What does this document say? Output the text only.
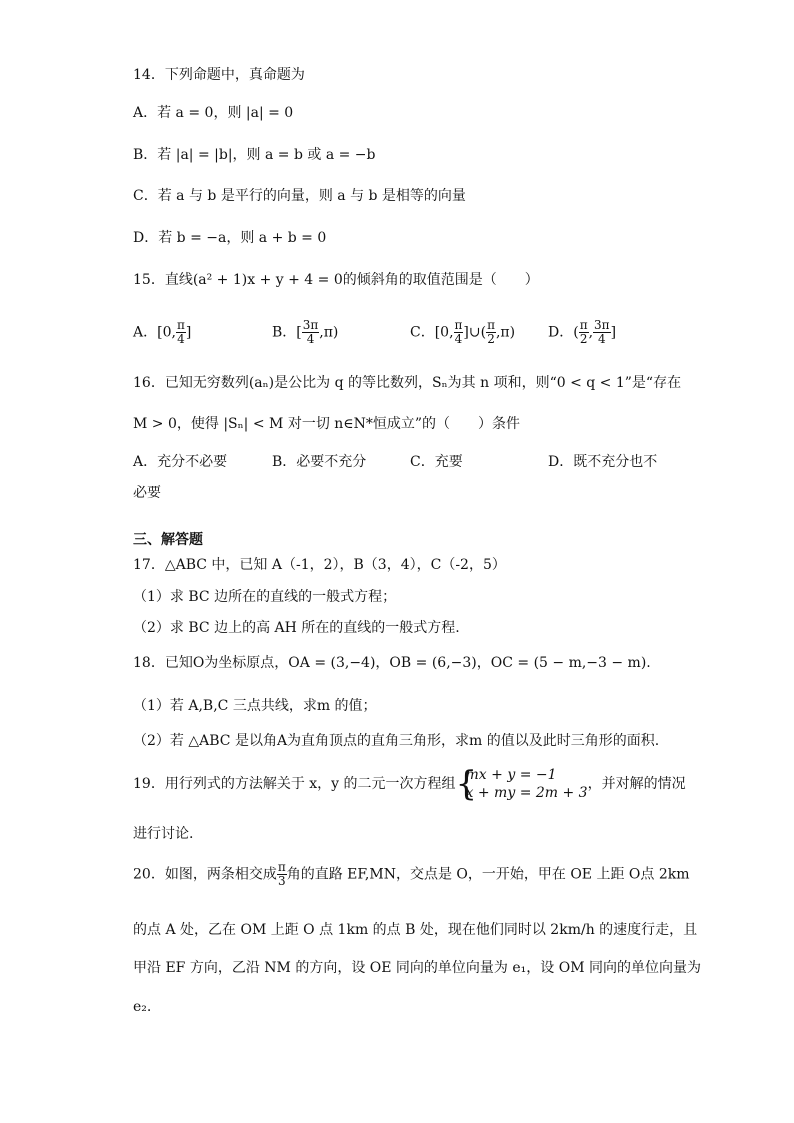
14．下列命题中，真命题为
A．若 a = 0，则 |a| = 0
B．若 |a| = |b|，则 a = b 或 a = −b
C．若 a 与 b 是平行的向量，则 a 与 b 是相等的向量
D．若 b = −a，则 a + b = 0
15．直线(a² + 1)x + y + 4 = 0的倾斜角的取值范围是（　　）
A．[0, $\frac{\pi}{4}$ ]	B．[ $\frac{3\pi}{4} ,\pi$)	C．[0, $\frac{\pi}{4}$ ]∪( $\frac{\pi}{2} ,\pi$) D．( $\frac{\pi}{2}$ , $\frac{3\pi}{4}$ ]
16．已知无穷数列(aₙ)是公比为 q 的等比数列，Sₙ为其 n 项和，则“0 < q < 1”是“存在
M > 0，使得 |Sₙ| < M 对一切 n∈N*恒成立”的（　　）条件
A．充分不必要	B．必要不充分	C．充要	D．既不充分也不
必要
三、解答题
17．△ABC 中，已知 A（-1，2），B（3，4），C（-2，5）
（1）求 BC 边所在的直线的一般式方程；
（2）求 BC 边上的高 AH 所在的直线的一般式方程.
18．已知O为坐标原点，OA = (3,−4)，OB = (6,−3)，OC = (5 − m,−3 − m).
（1）若 A,B,C 三点共线，求m 的值；
（2）若 △ABC 是以角A为直角顶点的直角三角形，求m 的值以及此时三角形的面积.
19．用行列式的方法解关于 x，y 的二元一次方程组 {
mx + y = −1
x + my = 2m + 3
，并对解的情况
进行讨论.
20．如图，两条相交成 $\frac{\pi}{3}$ 角的直路 EF,MN，交点是 O，一开始，甲在 OE 上距 O点 2km
的点 A 处，乙在 OM 上距 O 点 1km 的点 B 处，现在他们同时以 2km/h 的速度行走，且
甲沿 EF 方向，乙沿 NM 的方向，设 OE 同向的单位向量为 e₁，设 OM 同向的单位向量为
e₂.
